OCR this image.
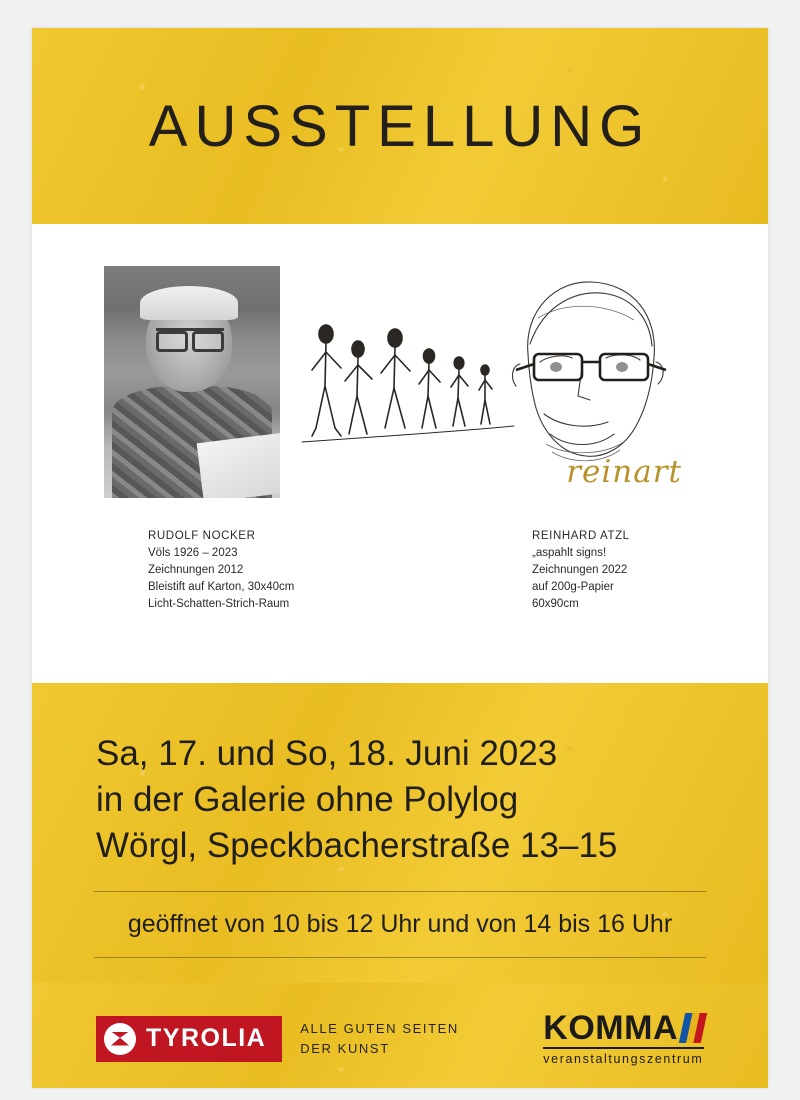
AUSSTELLUNG
reinart
RUDOLF NOCKER
Völs 1926 – 2023
Zeichnungen 2012
Bleistift auf Karton, 30x40cm
Licht-Schatten-Strich-Raum
REINHARD ATZL
„aspahlt signs!
Zeichnungen 2022
auf 200g-Papier
60x90cm
Sa, 17. und So, 18. Juni 2023
in der Galerie ohne Polylog
Wörgl, Speckbacherstraße 13–15
geöffnet von 10 bis 12 Uhr und von 14 bis 16 Uhr
TYROLIA	ALLE GUTEN SEITEN
DER KUNST
KOMMA
veranstaltungszentrum
